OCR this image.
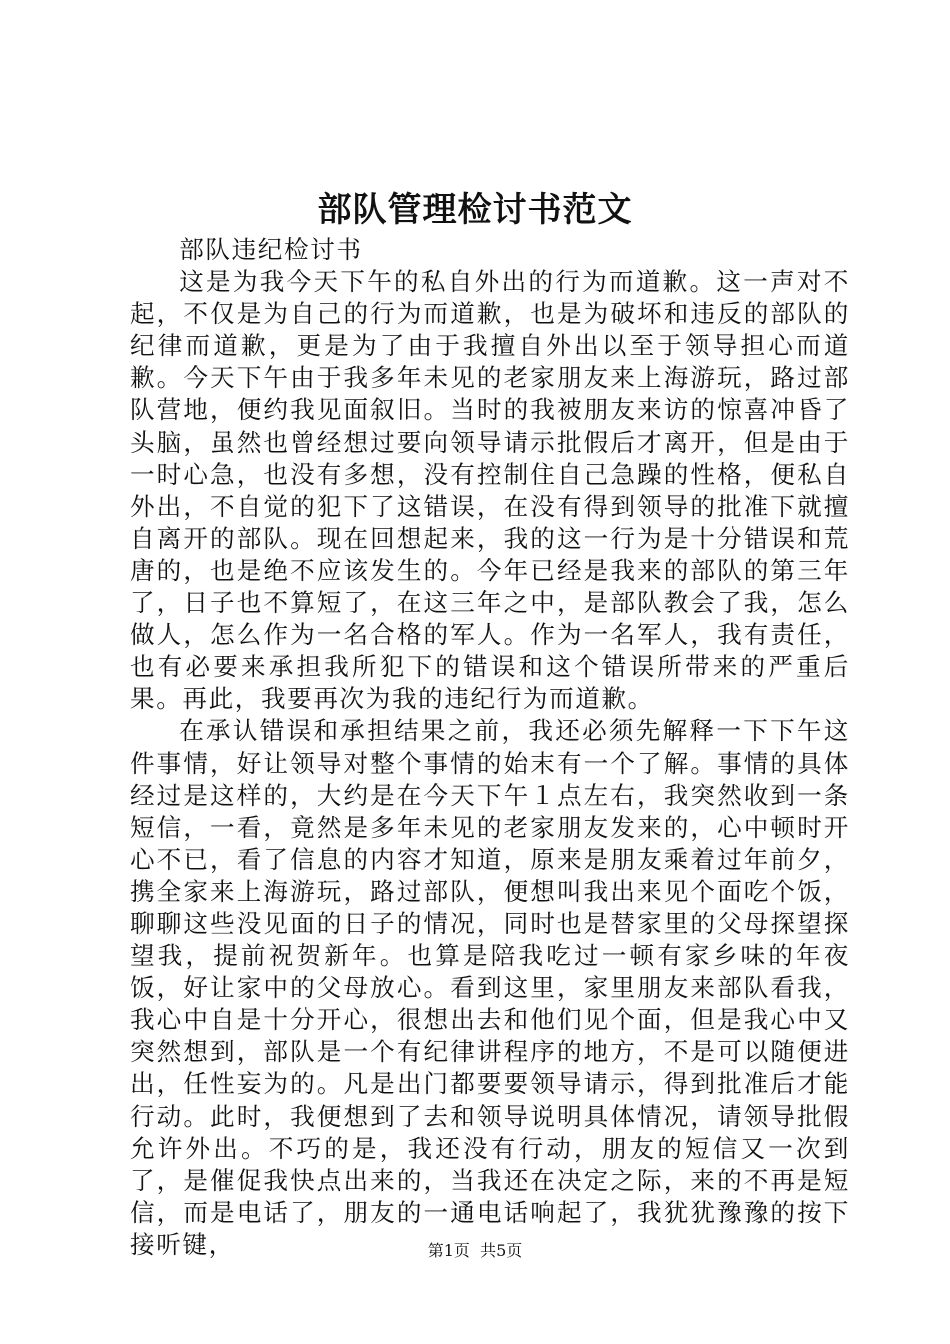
部队管理检讨书范文

部队违纪检讨书

这是为我今天下午的私自外出的行为而道歉。这一声对不起，不仅是为自己的行为而道歉，也是为破坏和违反的部队的纪律而道歉，更是为了由于我擅自外出以至于领导担心而道歉。今天下午由于我多年未见的老家朋友来上海游玩，路过部队营地，便约我见面叙旧。当时的我被朋友来访的惊喜冲昏了头脑，虽然也曾经想过要向领导请示批假后才离开，但是由于一时心急，也没有多想，没有控制住自己急躁的性格，便私自外出，不自觉的犯下了这错误，在没有得到领导的批准下就擅自离开的部队。现在回想起来，我的这一行为是十分错误和荒唐的，也是绝不应该发生的。今年已经是我来的部队的第三年了，日子也不算短了，在这三年之中，是部队教会了我，怎么做人，怎么作为一名合格的军人。作为一名军人，我有责任，也有必要来承担我所犯下的错误和这个错误所带来的严重后果。再此，我要再次为我的违纪行为而道歉。

在承认错误和承担结果之前，我还必须先解释一下下午这件事情，好让领导对整个事情的始末有一个了解。事情的具体经过是这样的，大约是在今天下午１点左右，我突然收到一条短信，一看，竟然是多年未见的老家朋友发来的，心中顿时开心不已，看了信息的内容才知道，原来是朋友乘着过年前夕，携全家来上海游玩，路过部队，便想叫我出来见个面吃个饭，聊聊这些没见面的日子的情况，同时也是替家里的父母探望探望我，提前祝贺新年。也算是陪我吃过一顿有家乡味的年夜饭，好让家中的父母放心。看到这里，家里朋友来部队看我，我心中自是十分开心，很想出去和他们见个面，但是我心中又突然想到，部队是一个有纪律讲程序的地方，不是可以随便进出，任性妄为的。凡是出门都要要领导请示，得到批准后才能行动。此时，我便想到了去和领导说明具体情况，请领导批假允许外出。不巧的是，我还没有行动，朋友的短信又一次到了，是催促我快点出来的，当我还在决定之际，来的不再是短信，而是电话了，朋友的一通电话响起了，我犹犹豫豫的按下接听键，	第1页  共5页
